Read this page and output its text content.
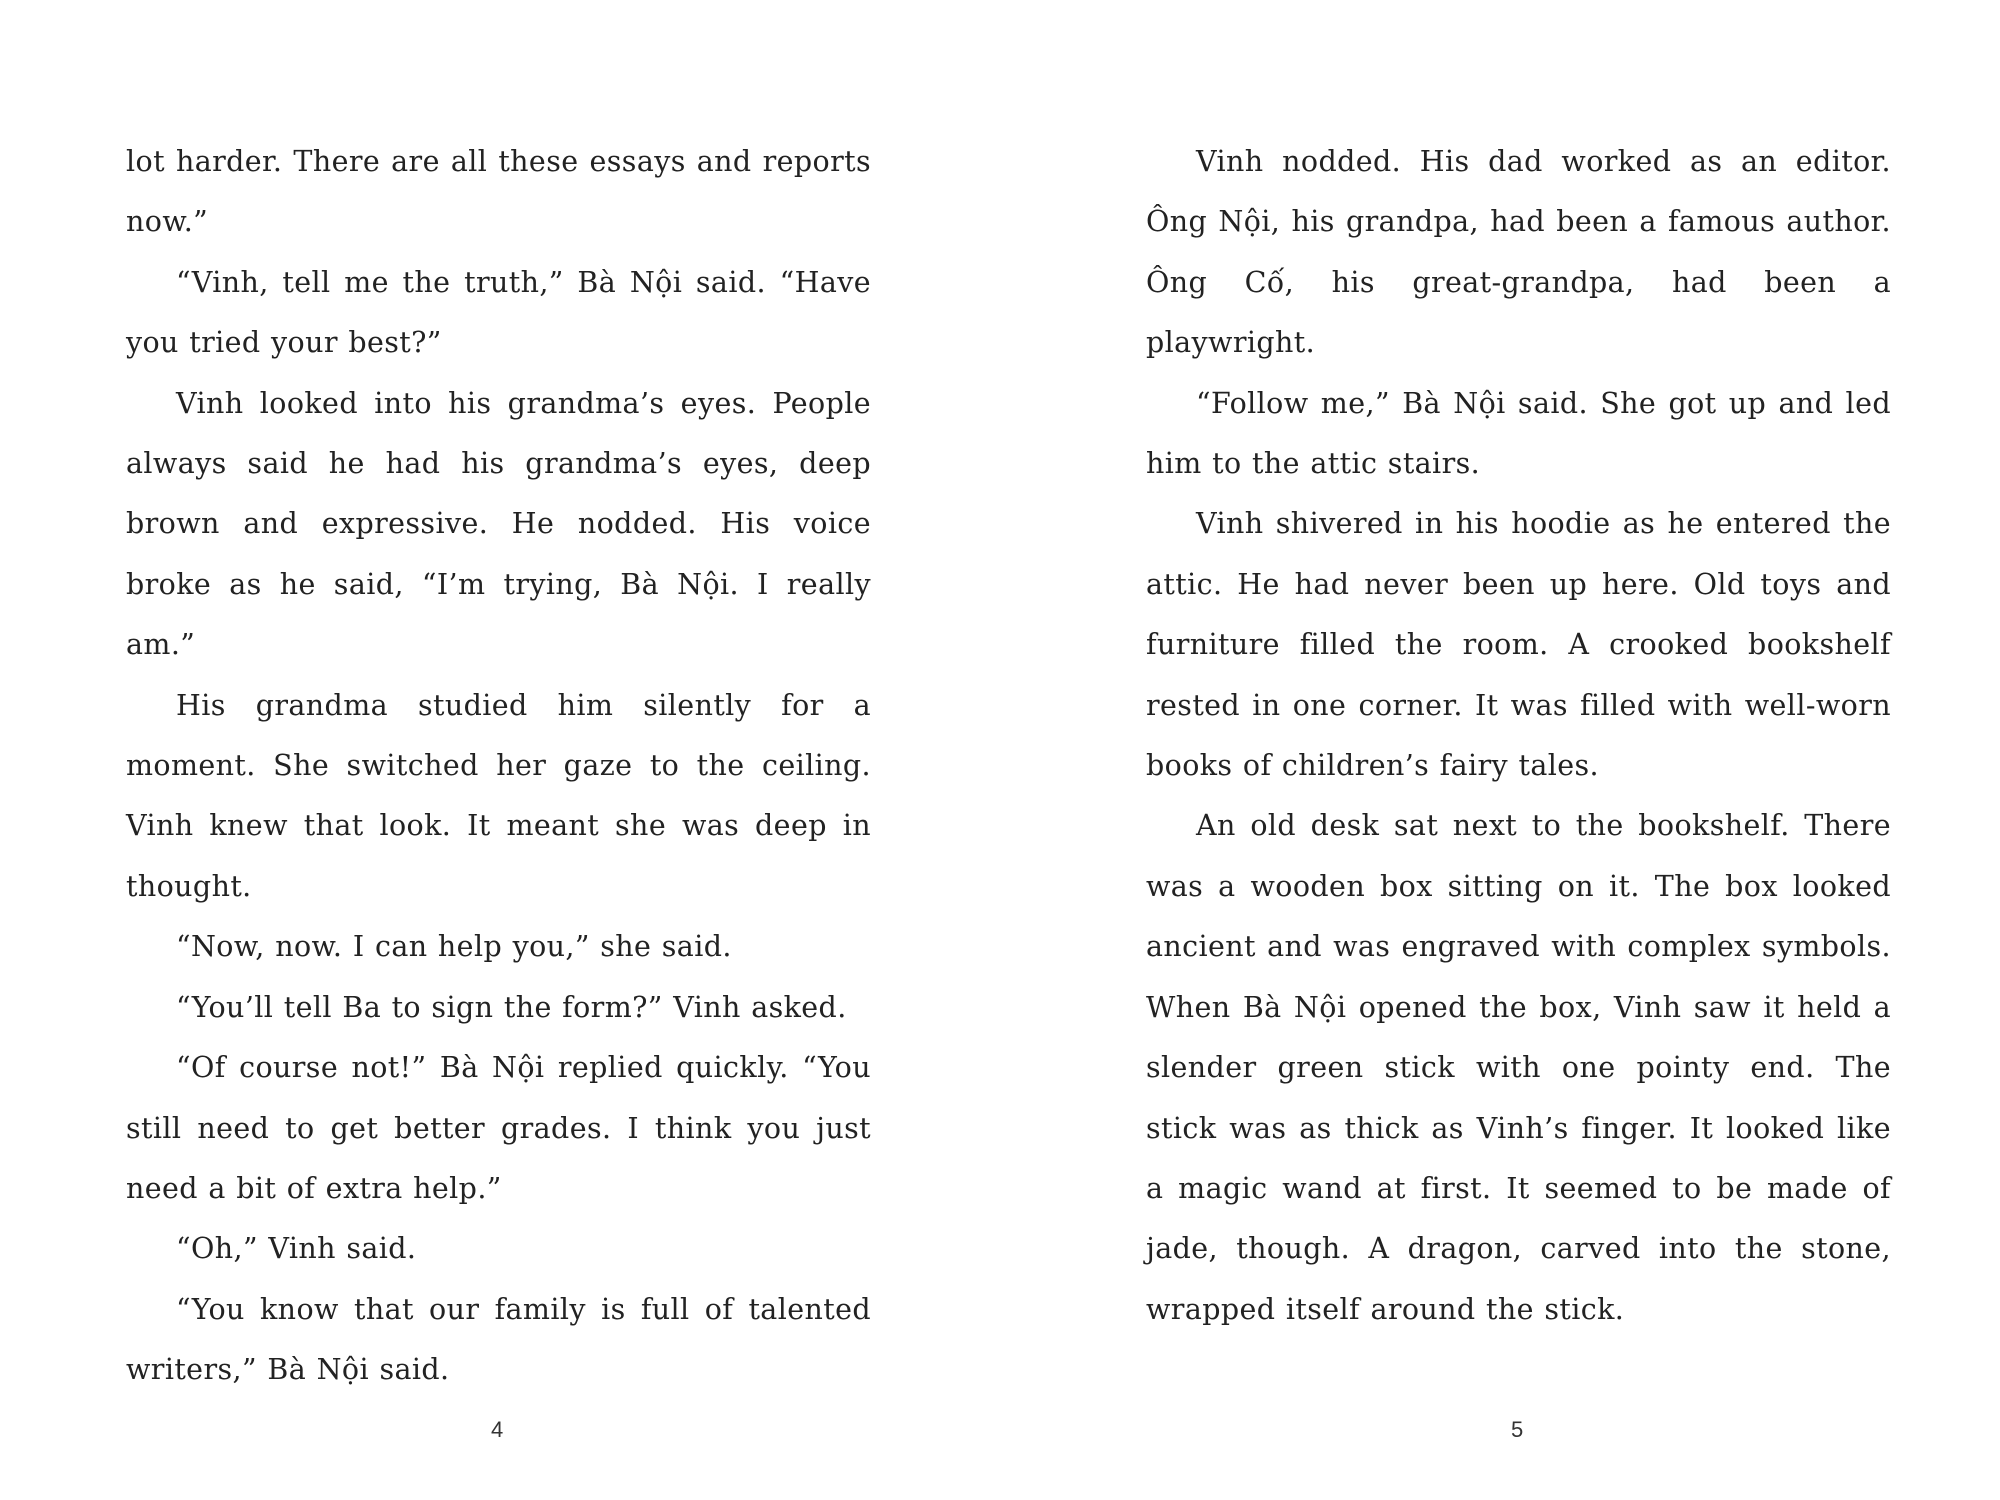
lot harder. There are all these essays and reports now.”

“Vinh, tell me the truth,” Bà Nội said. “Have you tried your best?”

Vinh looked into his grandma’s eyes. People always said he had his grandma’s eyes, deep brown and expressive. He nodded. His voice broke as he said, “I’m trying, Bà Nội. I really am.”

His grandma studied him silently for a moment. She switched her gaze to the ceiling. Vinh knew that look. It meant she was deep in thought.

“Now, now. I can help you,” she said.

“You’ll tell Ba to sign the form?” Vinh asked.

“Of course not!” Bà Nội replied quickly. “You still need to get better grades. I think you just need a bit of extra help.”

“Oh,” Vinh said.

“You know that our family is full of talented writers,” Bà Nội said.

4

Vinh nodded. His dad worked as an editor. Ông Nội, his grandpa, had been a famous author. Ông Cố, his great-grandpa, had been a playwright.

“Follow me,” Bà Nội said. She got up and led him to the attic stairs.

Vinh shivered in his hoodie as he entered the attic. He had never been up here. Old toys and furniture filled the room. A crooked bookshelf rested in one corner. It was filled with well-worn books of children’s fairy tales.

An old desk sat next to the bookshelf. There was a wooden box sitting on it. The box looked ancient and was engraved with complex symbols. When Bà Nội opened the box, Vinh saw it held a slender green stick with one pointy end. The stick was as thick as Vinh’s finger. It looked like a magic wand at first. It seemed to be made of jade, though. A dragon, carved into the stone, wrapped itself around the stick.

5
